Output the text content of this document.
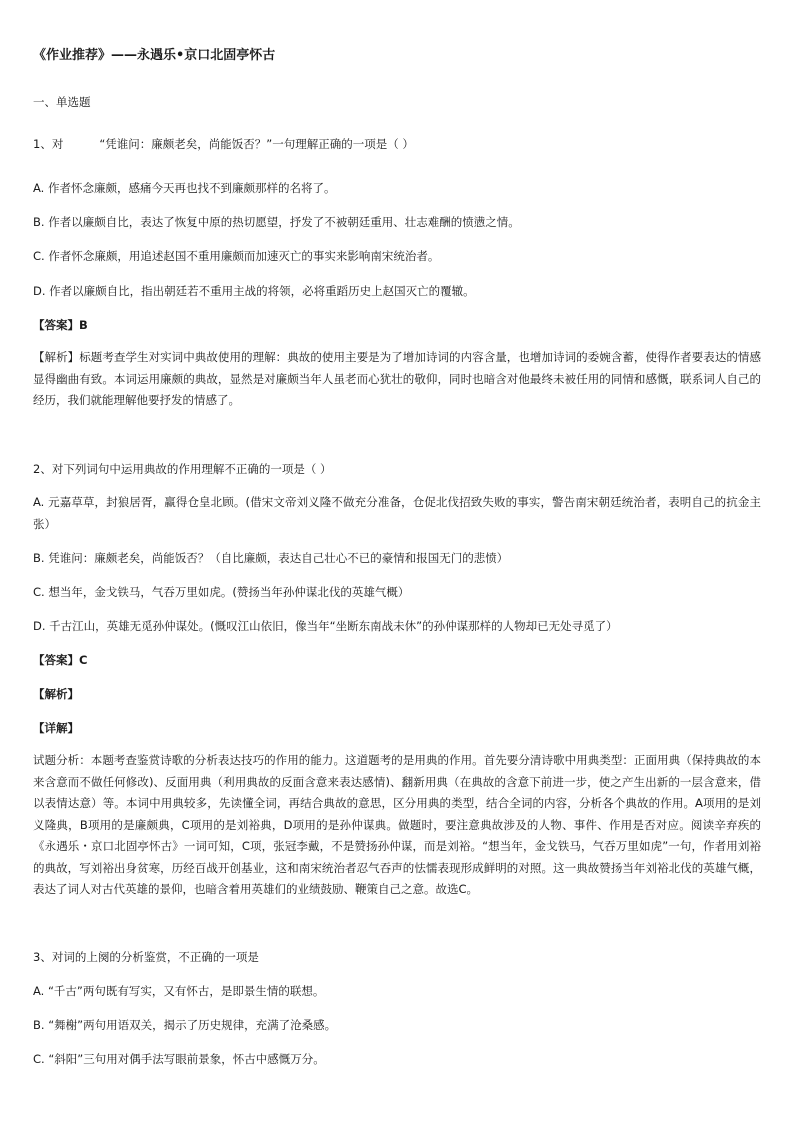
《作业推荐》——永遇乐•京口北固亭怀古
一、单选题
1、对	“凭谁问：廉颇老矣，尚能饭否？”一句理解正确的一项是（ ）
A. 作者怀念廉颇，感痛今天再也找不到廉颇那样的名将了。
B. 作者以廉颇自比，表达了恢复中原的热切愿望，抒发了不被朝廷重用、壮志难酬的愤懑之情。
C. 作者怀念廉颇，用追述赵国不重用廉颇而加速灭亡的事实来影响南宋统治者。
D. 作者以廉颇自比，指出朝廷若不重用主战的将领，必将重蹈历史上赵国灭亡的覆辙。
【答案】B
【解析】标题考查学生对实词中典故使用的理解：典故的使用主要是为了增加诗词的内容含量，也增加诗词的委婉含蓄，使得作者要表达的情感显得幽曲有致。本词运用廉颇的典故，显然是对廉颇当年人虽老而心犹壮的敬仰，同时也暗含对他最终未被任用的同情和感慨，联系词人自己的经历，我们就能理解他要抒发的情感了。
2、对下列词句中运用典故的作用理解不正确的一项是（ ）
A. 元嘉草草，封狼居胥，赢得仓皇北顾。(借宋文帝刘义隆不做充分准备，仓促北伐招致失败的事实，警告南宋朝廷统治者，表明自己的抗金主张）
B. 凭谁问：廉颇老矣，尚能饭否？（自比廉颇，表达自己壮心不已的豪情和报国无门的悲愤）
C. 想当年，金戈铁马，气吞万里如虎。(赞扬当年孙仲谋北伐的英雄气概）
D. 千古江山，英雄无觅孙仲谋处。(慨叹江山依旧，像当年“坐断东南战未休”的孙仲谋那样的人物却已无处寻觅了）
【答案】C
【解析】
【详解】
试题分析：本题考查鉴赏诗歌的分析表达技巧的作用的能力。这道题考的是用典的作用。首先要分清诗歌中用典类型：正面用典（保持典故的本来含意而不做任何修改)、反面用典（利用典故的反面含意来表达感情)、翻新用典（在典故的含意下前进一步，使之产生出新的一层含意来，借以表情达意）等。本词中用典较多，先读懂全词，再结合典故的意思，区分用典的类型，结合全词的内容，分析各个典故的作用。A项用的是刘义隆典，B项用的是廉颇典，C项用的是刘裕典，D项用的是孙仲谋典。做题时，要注意典故涉及的人物、事件、作用是否对应。阅读辛弃疾的《永遇乐・京口北固亭怀古》一词可知，C项，张冠李戴，不是赞扬孙仲谋，而是刘裕。“想当年，金戈铁马，气吞万里如虎”一句，作者用刘裕的典故，写刘裕出身贫寒，历经百战开创基业，这和南宋统治者忍气吞声的怯懦表现形成鲜明的对照。这一典故赞扬当年刘裕北伐的英雄气概，表达了词人对古代英雄的景仰，也暗含着用英雄们的业绩鼓励、鞭策自己之意。故选C。
3、对词的上阕的分析鉴赏，不正确的一项是
A. “千古”两句既有写实，又有怀古，是即景生情的联想。
B. “舞榭”两句用语双关，揭示了历史规律，充满了沧桑感。
C. “斜阳”三句用对偶手法写眼前景象，怀古中感慨万分。
